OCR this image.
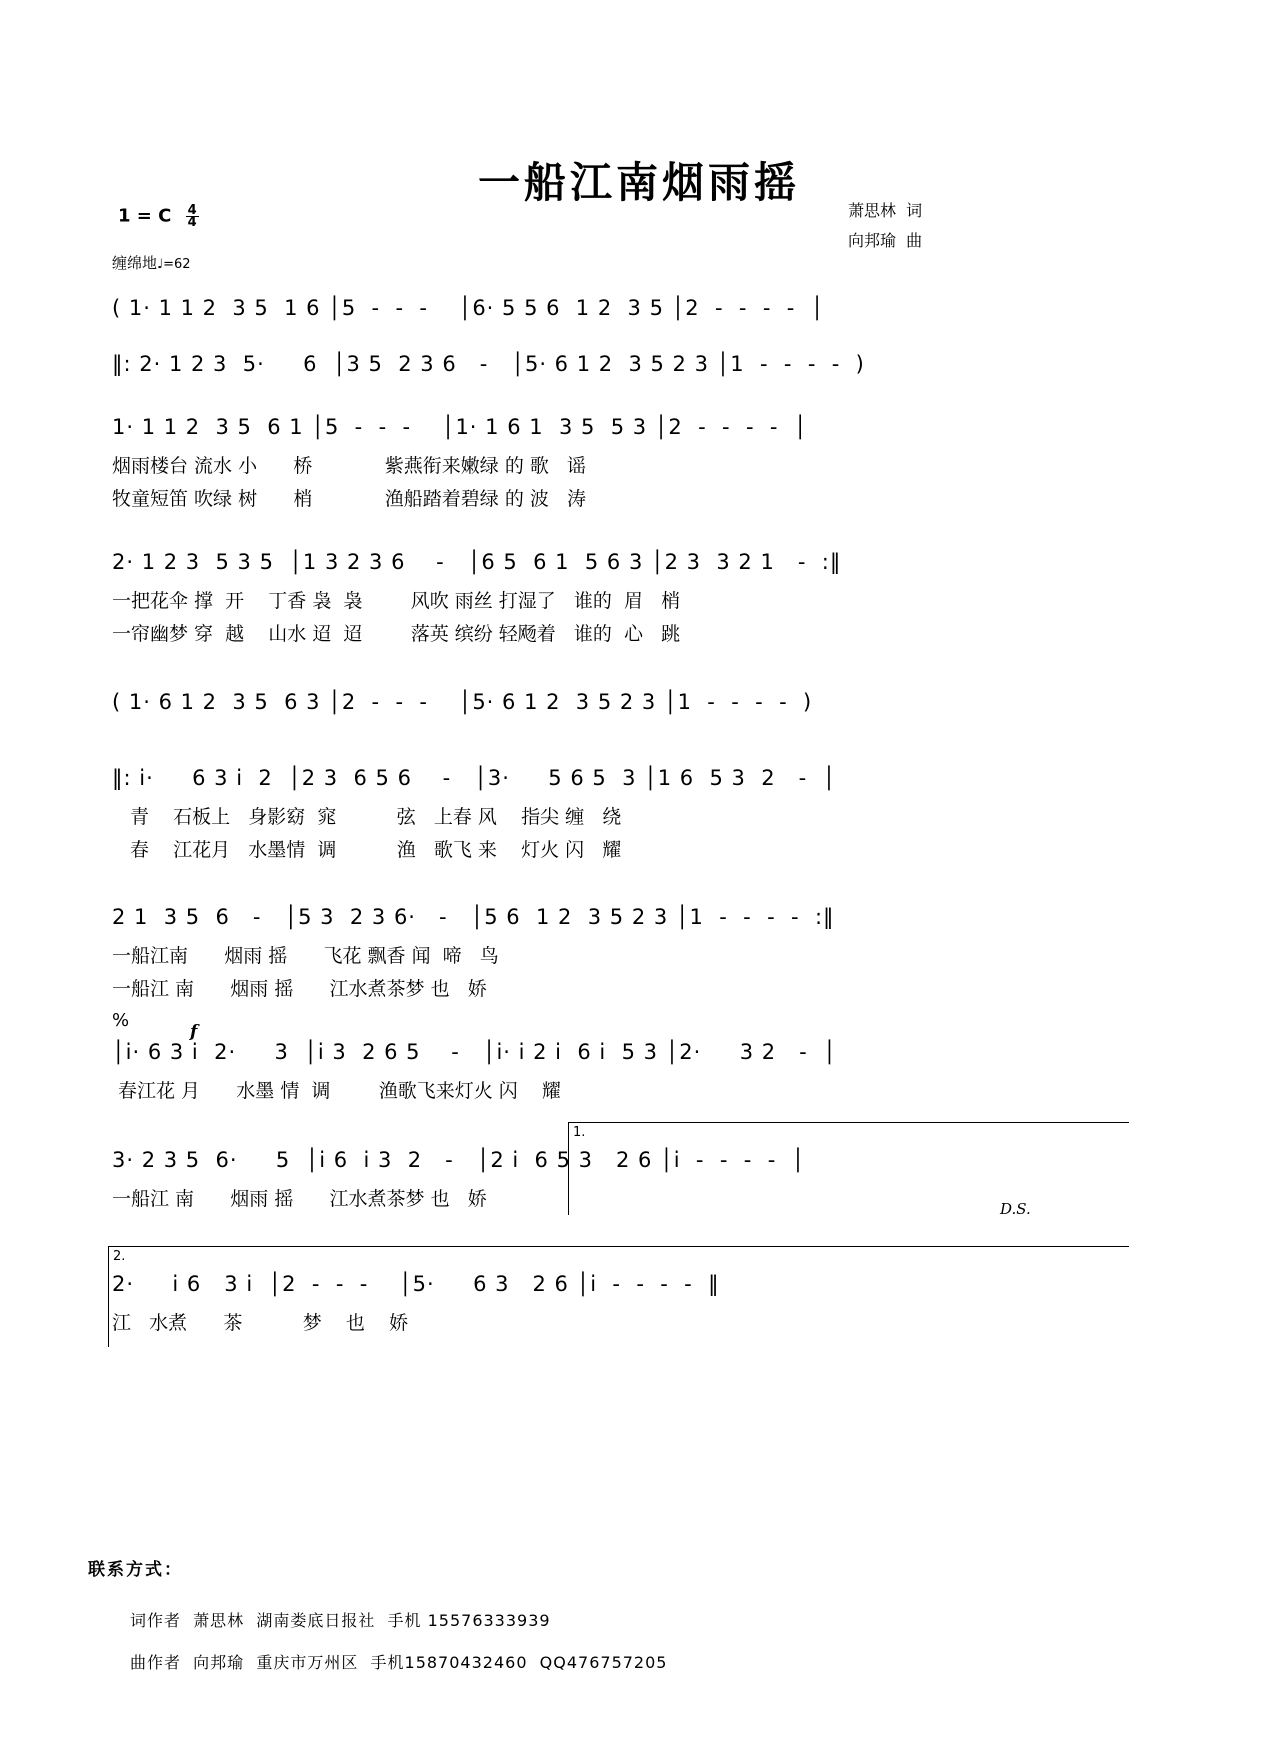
一船江南烟雨摇
萧思林  词
向邦瑜  曲
1 = C $\frac{4}{4}$
缠绵地♩=62
( 1· 1 1 2  3 5  1 6 │5  -  -  -    │6· 5 5 6  1 2  3 5 │2  -  -  -  -  │
‖: 2· 1 2 3  5·     6  │3 5  2 3 6   -   │5· 6 1 2  3 5 2 3 │1  -  -  -  -  )
1· 1 1 2  3 5  6 1 │5  -  -  -    │1· 1 6 1  3 5  5 3 │2  -  -  -  -  │
烟雨楼台 流水 小      桥            紫燕衔来嫩绿 的 歌   谣
牧童短笛 吹绿 树      梢            渔船踏着碧绿 的 波   涛
2· 1 2 3  5 3 5  │1 3 2 3 6    -   │6 5  6 1  5 6 3 │2 3  3 2 1   -  :‖
一把花伞 撑  开    丁香 袅  袅        风吹 雨丝 打湿了   谁的  眉   梢
一帘幽梦 穿  越    山水 迢  迢        落英 缤纷 轻飏着   谁的  心   跳
( 1· 6 1 2  3 5  6 3 │2  -  -  -    │5· 6 1 2  3 5 2 3 │1  -  -  -  -  )
‖: i·     6 3 i  2  │2 3  6 5 6    -   │3·     5 6 5  3 │1 6  5 3  2   -  │
青    石板上   身影窈  窕          弦   上春 风    指尖 缠   绕
春    江花月   水墨情  调          渔   歌飞 来    灯火 闪   耀
2 1  3 5  6   -   │5 3  2 3 6·   -   │5 6  1 2  3 5 2 3 │1  -  -  -  -  :‖
一船江南      烟雨 摇      飞花 飘香 闻  啼   鸟
一船江 南      烟雨 摇      江水煮茶梦 也   娇
%
f
│i· 6 3 i  2·     3  │i 3  2 6 5    -   │i· i 2 i  6 i  5 3 │2·     3 2   -  │
春江花 月      水墨 情  调        渔歌飞来灯火 闪    耀
1.
3· 2 3 5  6·     5  │i 6  i 3  2   -   │2 i  6 5 3   2 6 │i  -  -  -  -  │
一船江 南      烟雨 摇      江水煮茶梦 也   娇	D.S.
2.
2·     i 6   3 i  │2  -  -  -    │5·     6 3   2 6 │i  -  -  -  -  ‖
江   水煮      茶          梦    也    娇
联系方式：
词作者  萧思林  湖南娄底日报社  手机 15576333939
曲作者  向邦瑜  重庆市万州区  手机15870432460  QQ476757205
